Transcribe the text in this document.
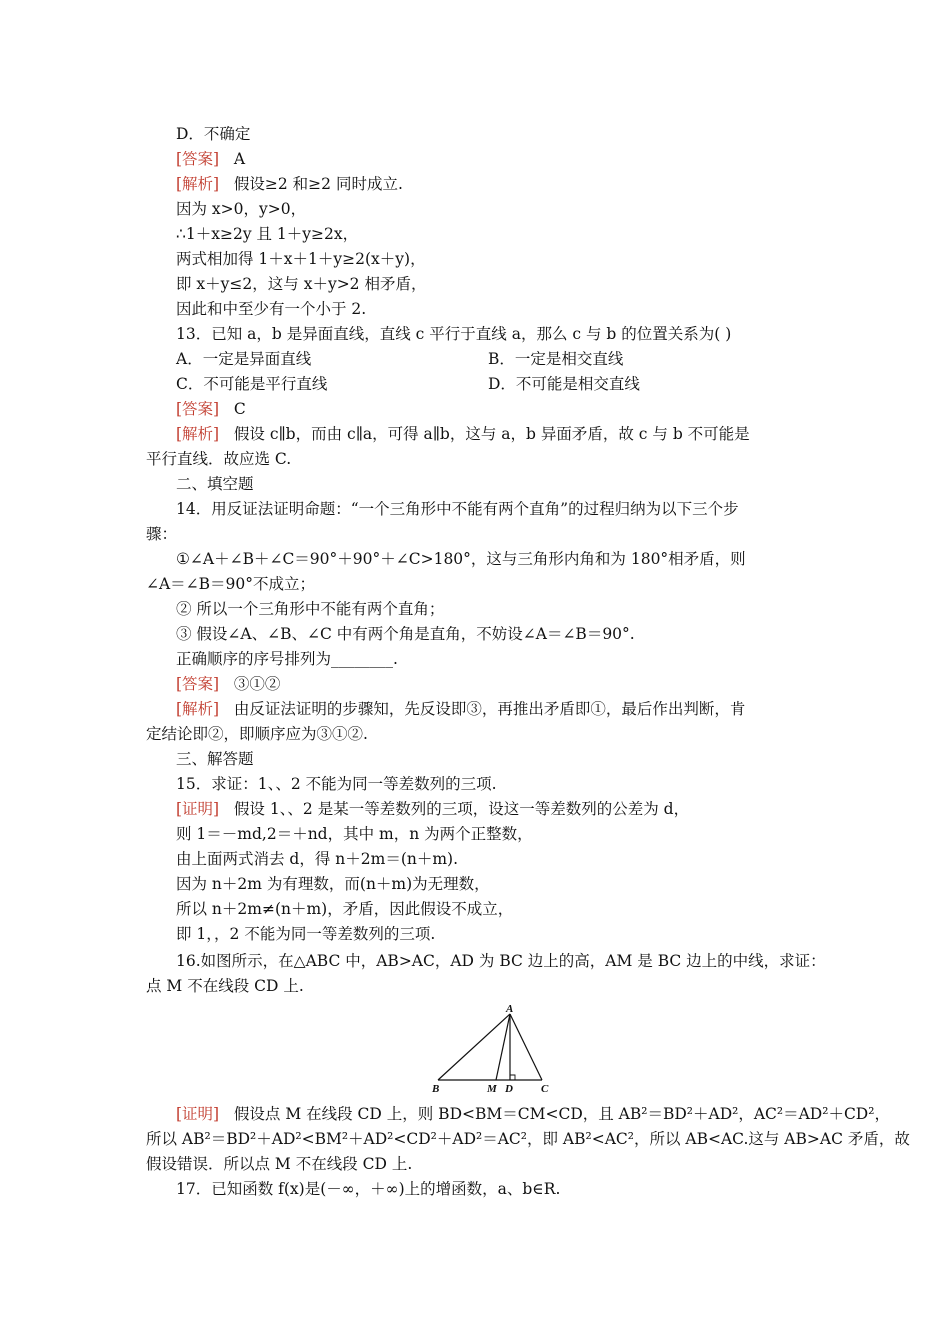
D．不确定
[答案] A
[解析] 假设≥2 和≥2 同时成立.
因为 x>0，y>0，
∴1＋x≥2y 且 1＋y≥2x，
两式相加得 1＋x＋1＋y≥2(x＋y)，
即 x＋y≤2，这与 x＋y>2 相矛盾，
因此和中至少有一个小于 2.
13．已知 a，b 是异面直线，直线 c 平行于直线 a，那么 c 与 b 的位置关系为( )
A．一定是异面直线	B．一定是相交直线
C．不可能是平行直线	D．不可能是相交直线
[答案] C
[解析] 假设 c∥b，而由 c∥a，可得 a∥b，这与 a，b 异面矛盾，故 c 与 b 不可能是
平行直线．故应选 C.
二、填空题
14．用反证法证明命题：“一个三角形中不能有两个直角”的过程归纳为以下三个步
骤：
①∠A＋∠B＋∠C＝90°＋90°＋∠C>180°，这与三角形内角和为 180°相矛盾，则
∠A＝∠B＝90°不成立；
② 所以一个三角形中不能有两个直角；
③ 假设∠A、∠B、∠C 中有两个角是直角，不妨设∠A＝∠B＝90°.
正确顺序的序号排列为________.
[答案] ③①②
[解析] 由反证法证明的步骤知，先反设即③，再推出矛盾即①，最后作出判断，肯
定结论即②，即顺序应为③①②.
三、解答题
15．求证：1、、2 不能为同一等差数列的三项.
[证明] 假设 1、、2 是某一等差数列的三项，设这一等差数列的公差为 d，
则 1＝－md,2＝＋nd，其中 m，n 为两个正整数，
由上面两式消去 d，得 n＋2m＝(n＋m).
因为 n＋2m 为有理数，而(n＋m)为无理数，
所以 n＋2m≠(n＋m)，矛盾，因此假设不成立，
即 1，，2 不能为同一等差数列的三项.
16.如图所示，在△ABC 中，AB>AC，AD 为 BC 边上的高，AM 是 BC 边上的中线，求证：
点 M 不在线段 CD 上.
A
B	M D	C
[证明] 假设点 M 在线段 CD 上，则 BD<BM＝CM<CD，且 AB²＝BD²＋AD²，AC²＝AD²＋CD²，
所以 AB²＝BD²＋AD²<BM²＋AD²<CD²＋AD²＝AC²，即 AB²<AC²，所以 AB<AC.这与 AB>AC 矛盾，故
假设错误．所以点 M 不在线段 CD 上.
17．已知函数 f(x)是(－∞，＋∞)上的增函数，a、b∈R.
